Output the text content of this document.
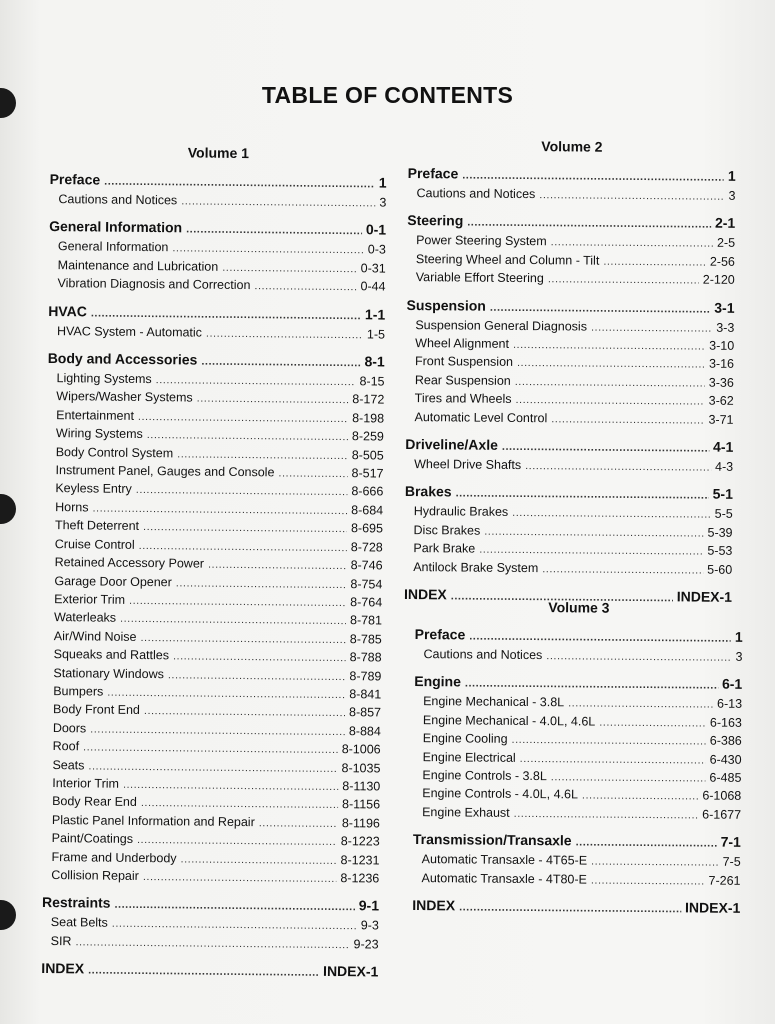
TABLE OF CONTENTS
Volume 1
Preface .....	1
Cautions and Notices .....	3
General Information .....	0-1
General Information .....	0-3
Maintenance and Lubrication .....	0-31
Vibration Diagnosis and Correction .....	0-44
HVAC .....	1-1
HVAC System - Automatic .....	1-5
Body and Accessories .....	8-1
Lighting Systems .....	8-15
Wipers/Washer Systems .....	8-172
Entertainment .....	8-198
Wiring Systems .....	8-259
Body Control System .....	8-505
Instrument Panel, Gauges and Console .....	8-517
Keyless Entry .....	8-666
Horns .....	8-684
Theft Deterrent .....	8-695
Cruise Control .....	8-728
Retained Accessory Power .....	8-746
Garage Door Opener .....	8-754
Exterior Trim .....	8-764
Waterleaks .....	8-781
Air/Wind Noise .....	8-785
Squeaks and Rattles .....	8-788
Stationary Windows .....	8-789
Bumpers .....	8-841
Body Front End .....	8-857
Doors .....	8-884
Roof .....	8-1006
Seats .....	8-1035
Interior Trim .....	8-1130
Body Rear End .....	8-1156
Plastic Panel Information and Repair .....	8-1196
Paint/Coatings .....	8-1223
Frame and Underbody .....	8-1231
Collision Repair .....	8-1236
Restraints .....	9-1
Seat Belts .....	9-3
SIR .....	9-23
INDEX .....	INDEX-1
Volume 2
Preface .....	1
Cautions and Notices .....	3
Steering .....	2-1
Power Steering System .....	2-5
Steering Wheel and Column - Tilt .....	2-56
Variable Effort Steering .....	2-120
Suspension .....	3-1
Suspension General Diagnosis .....	3-3
Wheel Alignment .....	3-10
Front Suspension .....	3-16
Rear Suspension .....	3-36
Tires and Wheels .....	3-62
Automatic Level Control .....	3-71
Driveline/Axle .....	4-1
Wheel Drive Shafts .....	4-3
Brakes .....	5-1
Hydraulic Brakes .....	5-5
Disc Brakes .....	5-39
Park Brake .....	5-53
Antilock Brake System .....	5-60
INDEX .....	INDEX-1
Volume 3
Preface .....	1
Cautions and Notices .....	3
Engine .....	6-1
Engine Mechanical - 3.8L .....	6-13
Engine Mechanical - 4.0L, 4.6L .....	6-163
Engine Cooling .....	6-386
Engine Electrical .....	6-430
Engine Controls - 3.8L .....	6-485
Engine Controls - 4.0L, 4.6L .....	6-1068
Engine Exhaust .....	6-1677
Transmission/Transaxle .....	7-1
Automatic Transaxle - 4T65-E .....	7-5
Automatic Transaxle - 4T80-E .....	7-261
INDEX .....	INDEX-1
